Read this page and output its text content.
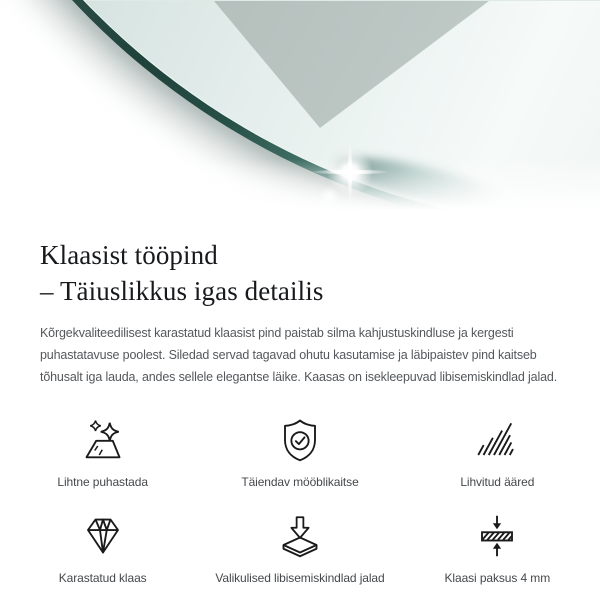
Klaasist tööpind
– Täiuslikkus igas detailis
Kõrgekvaliteedilisest karastatud klaasist pind paistab silma kahjustuskindluse ja kergesti
puhastatavuse poolest. Siledad servad tagavad ohutu kasutamise ja läbipaistev pind kaitseb
tõhusalt iga lauda, andes sellele elegantse läike. Kaasas on isekleepuvad libisemiskindlad jalad.
Lihtne puhastada	Täiendav mööblikaitse	Lihvitud ääred
Karastatud klaas	Valikulised libisemiskindlad jalad	Klaasi paksus 4 mm
